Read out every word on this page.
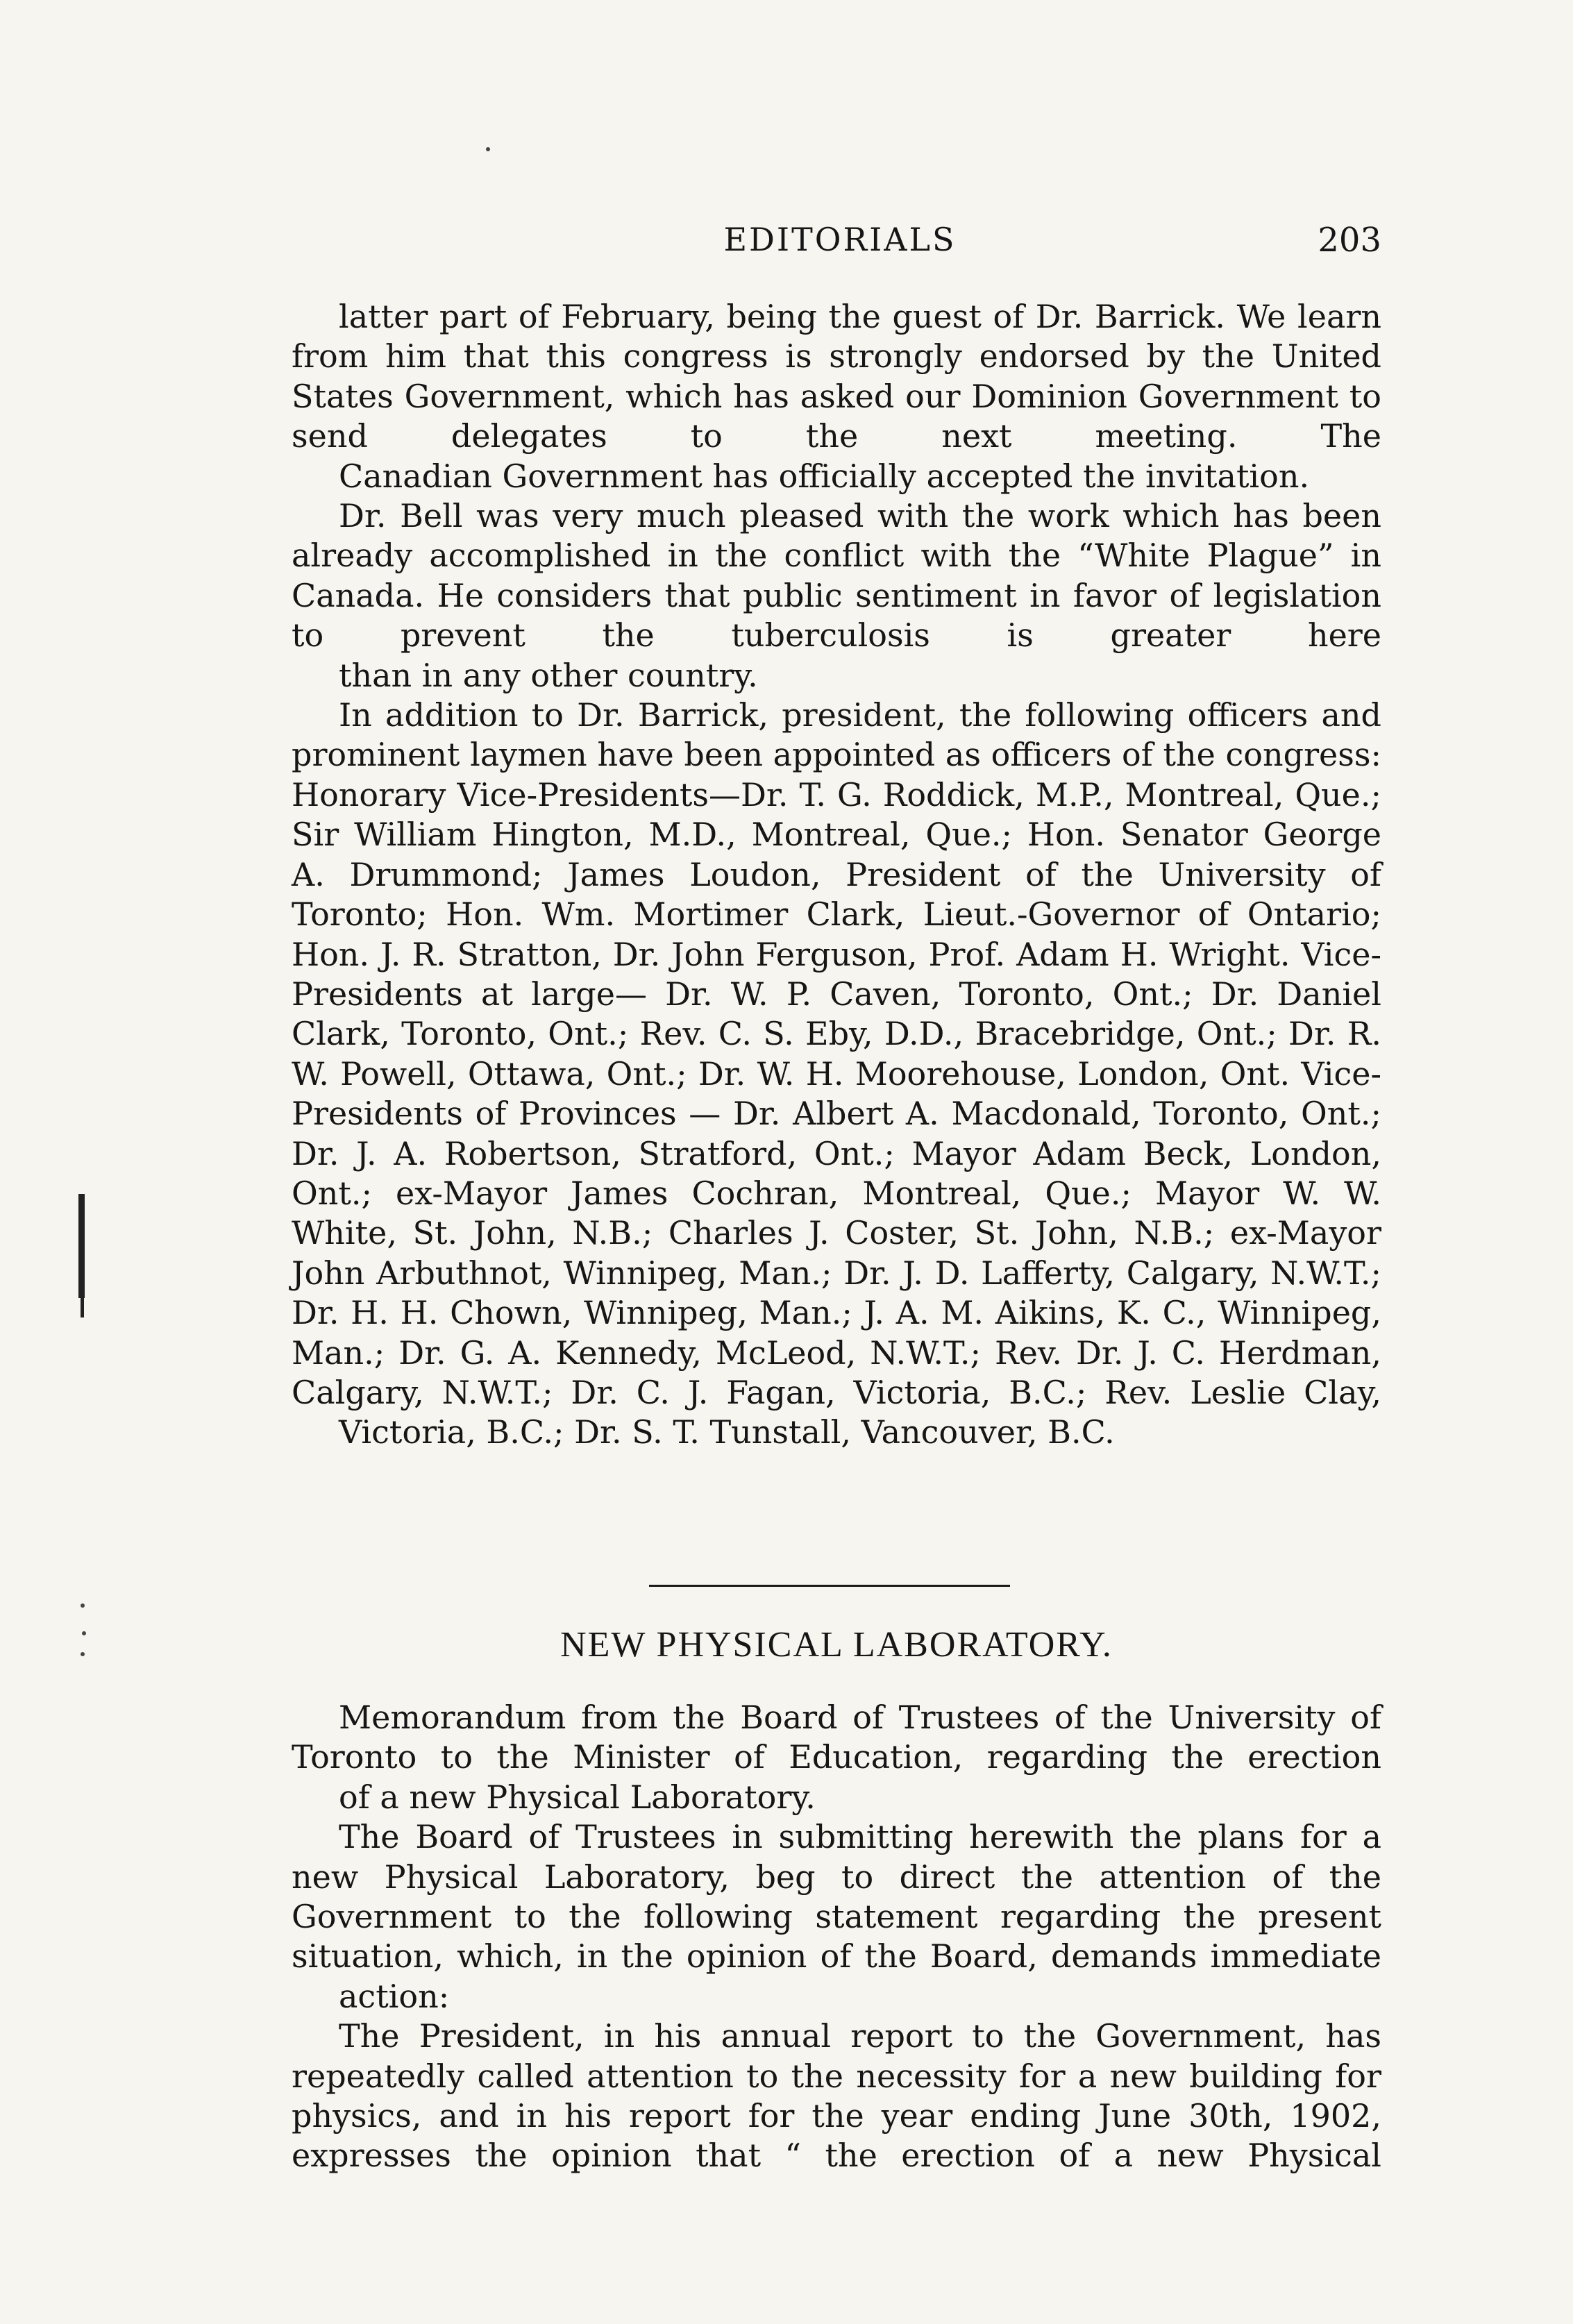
EDITORIALS	203

latter part of February, being the guest of Dr. Barrick. We learn from him that this congress is strongly endorsed by the United States Government, which has asked our Dominion Government to send delegates to the next meeting. The
Canadian Government has officially accepted the invitation.

Dr. Bell was very much pleased with the work which has been already accomplished in the conflict with the “White Plague” in Canada. He considers that public sentiment in favor of legislation to prevent the tuberculosis is greater here
than in any other country.

In addition to Dr. Barrick, president, the following officers and prominent laymen have been appointed as officers of the congress: Honorary Vice-Presidents—Dr. T. G. Roddick, M.P., Montreal, Que.; Sir William Hington, M.D., Montreal, Que.; Hon. Senator George A. Drummond; James Loudon, President of the University of Toronto; Hon. Wm. Mortimer Clark, Lieut.-Governor of Ontario; Hon. J. R. Stratton, Dr. John Ferguson, Prof. Adam H. Wright. Vice-Presidents at large— Dr. W. P. Caven, Toronto, Ont.; Dr. Daniel Clark, Toronto, Ont.; Rev. C. S. Eby, D.D., Bracebridge, Ont.; Dr. R. W. Powell, Ottawa, Ont.; Dr. W. H. Moorehouse, London, Ont. Vice-Presidents of Provinces — Dr. Albert A. Macdonald, Toronto, Ont.; Dr. J. A. Robertson, Stratford, Ont.; Mayor Adam Beck, London, Ont.; ex-Mayor James Cochran, Montreal, Que.; Mayor W. W. White, St. John, N.B.; Charles J. Coster, St. John, N.B.; ex-Mayor John Arbuthnot, Winnipeg, Man.; Dr. J. D. Lafferty, Calgary, N.W.T.; Dr. H. H. Chown, Winnipeg, Man.; J. A. M. Aikins, K. C., Winnipeg, Man.; Dr. G. A. Kennedy, McLeod, N.W.T.; Rev. Dr. J. C. Herdman, Calgary, N.W.T.; Dr. C. J. Fagan, Victoria, B.C.; Rev. Leslie Clay,
Victoria, B.C.; Dr. S. T. Tunstall, Vancouver, B.C.

NEW PHYSICAL LABORATORY.

Memorandum from the Board of Trustees of the University of Toronto to the Minister of Education, regarding the erection
of a new Physical Laboratory.

The Board of Trustees in submitting herewith the plans for a new Physical Laboratory, beg to direct the attention of the Government to the following statement regarding the present situation, which, in the opinion of the Board, demands immediate
action:

The President, in his annual report to the Government, has repeatedly called attention to the necessity for a new building for physics, and in his report for the year ending June 30th, 1902, expresses the opinion that “ the erection of a new Physical
